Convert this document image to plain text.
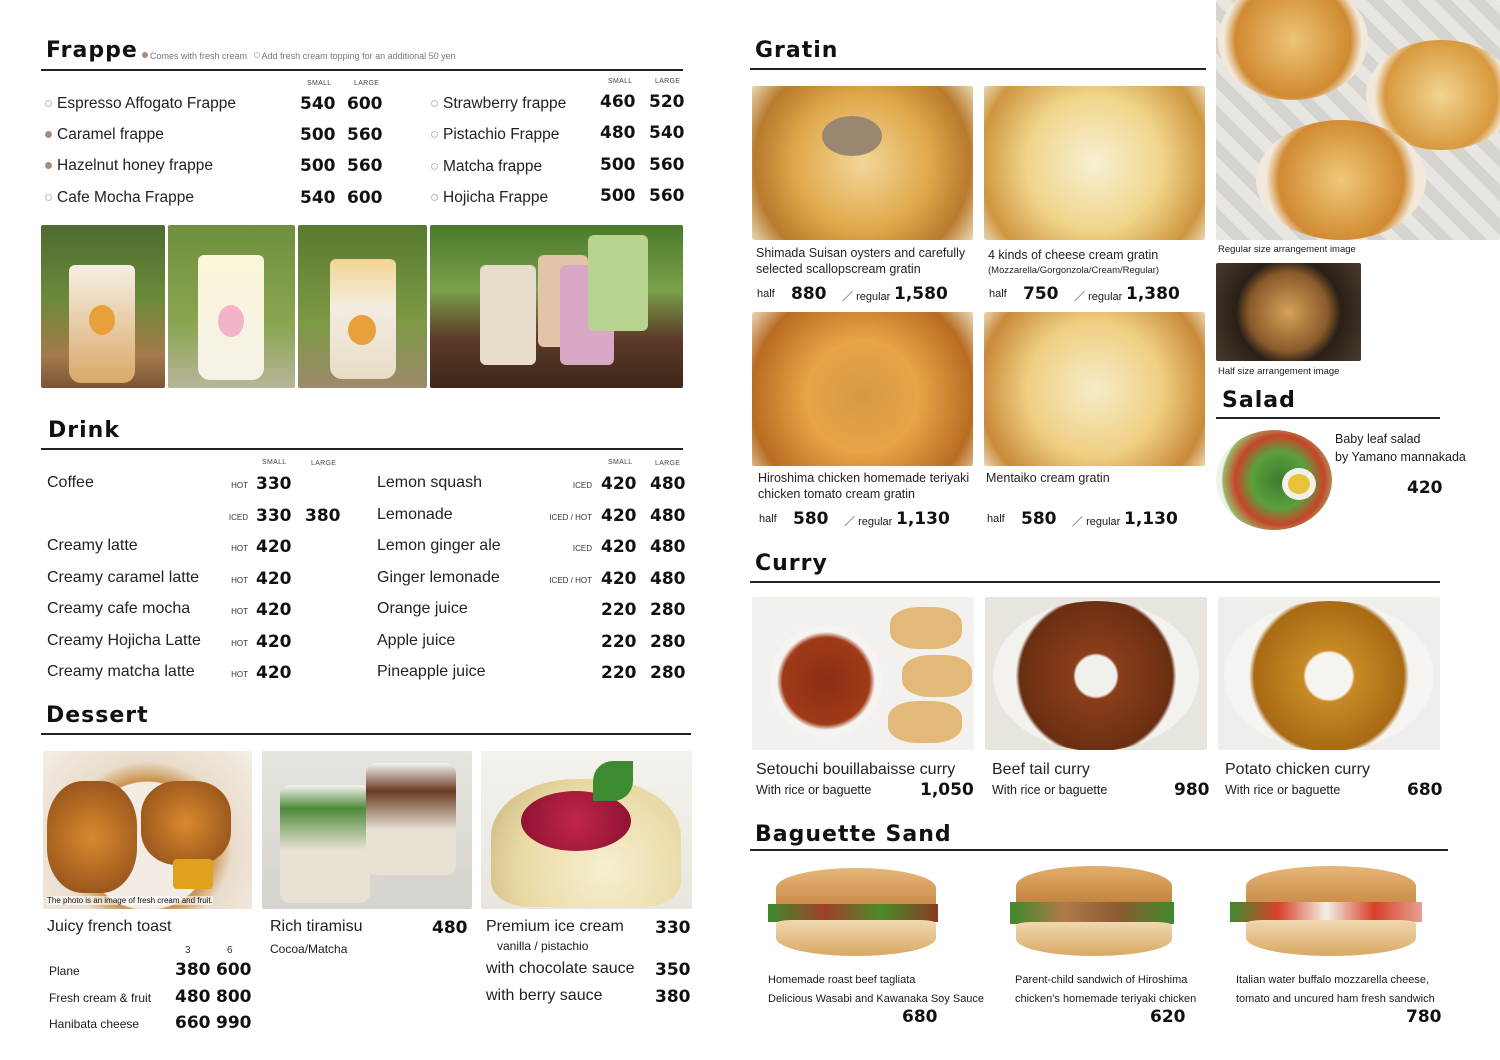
Frappe	Comes with fresh cream Add fresh cream topping for an additional 50 yen
SMALL	LARGE	SMALL	LARGE
Espresso Affogato Frappe	540 600
Caramel frappe	500 560
Hazelnut honey frappe	500 560
Cafe Mocha Frappe	540 600
Strawberry frappe 460 520
Pistachio Frappe 480 540
Matcha frappe	500 560
Hojicha Frappe	500 560
Drink
SMALL	LARGE	SMALL	LARGE
Coffee	HOT 330
ICED 330 380
Creamy latte	HOT 420
Creamy caramel latte	HOT 420
Creamy cafe mocha	HOT 420
Creamy Hojicha Latte	HOT 420
Creamy matcha latte	HOT 420
Lemon squash	ICED 420 480
Lemonade	ICED / HOT 420 480
Lemon ginger ale	ICED 420 480
Ginger lemonade	ICED / HOT 420 480
Orange juice	220 280
Apple juice	220 280
Pineapple juice	220 280
Dessert
The photo is an image of fresh cream and fruit.
Juicy french toast
3	6
Plane	380 600
Fresh cream & fruit 480 800
Hanibata cheese 660 990
Rich tiramisu	480
Cocoa/Matcha
Premium ice cream 330
vanilla / pistachio
with chocolate sauce 350
with berry sauce	380
Gratin
Shimada Suisan oysters and carefully
selected scallopscream gratin
half 880 ／ regular 1,580
4 kinds of cheese cream gratin
(Mozzarella/Gorgonzola/Cream/Regular)
half 750 ／ regular 1,380
Hiroshima chicken homemade teriyaki
chicken tomato cream gratin
half 580 ／ regular 1,130
Mentaiko cream gratin
half 580 ／ regular 1,130
Regular size arrangement image
Half size arrangement image
Salad
Baby leaf salad
by Yamano mannakada
420
Curry
Setouchi bouillabaisse curry
With rice or baguette	1,050
Beef tail curry
With rice or baguette	980
Potato chicken curry
With rice or baguette	680
Baguette Sand
Homemade roast beef tagliata
Delicious Wasabi and Kawanaka Soy Sauce
680
Parent-child sandwich of Hiroshima
chicken's homemade teriyaki chicken
620
Italian water buffalo mozzarella cheese,
tomato and uncured ham fresh sandwich
780
